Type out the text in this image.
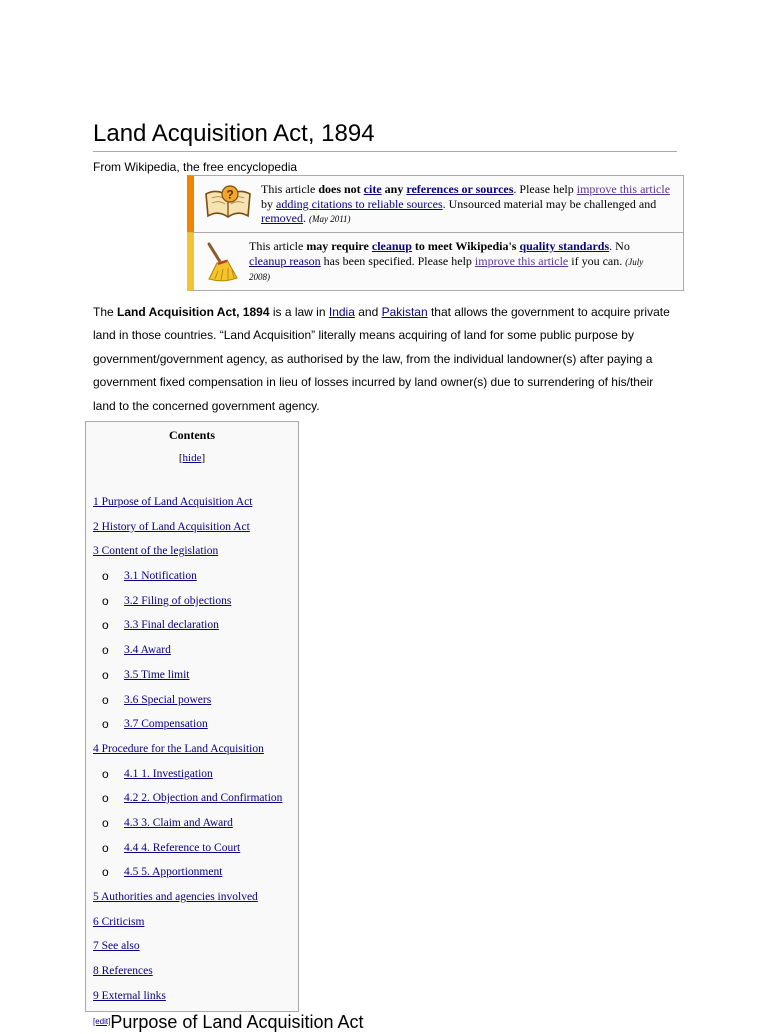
Land Acquisition Act, 1894
From Wikipedia, the free encyclopedia
? This article does not cite any references or sources. Please help improve this article by adding citations to reliable sources. Unsourced material may be challenged and removed. (May 2011)
This article may require cleanup to meet Wikipedia's quality standards. No cleanup reason has been specified. Please help improve this article if you can. (July 2008)
The Land Acquisition Act, 1894 is a law in India and Pakistan that allows the government to acquire private land in those countries. “Land Acquisition” literally means acquiring of land for some public purpose by government/government agency, as authorised by the law, from the individual landowner(s) after paying a government fixed compensation in lieu of losses incurred by land owner(s) due to surrendering of his/their land to the concerned government agency.
Contents
[hide]
1 Purpose of Land Acquisition Act
2 History of Land Acquisition Act
3 Content of the legislation
o 3.1 Notification
o 3.2 Filing of objections
o 3.3 Final declaration
o 3.4 Award
o 3.5 Time limit
o 3.6 Special powers
o 3.7 Compensation
4 Procedure for the Land Acquisition
o 4.1 1. Investigation
o 4.2 2. Objection and Confirmation
o 4.3 3. Claim and Award
o 4.4 4. Reference to Court
o 4.5 5. Apportionment
5 Authorities and agencies involved
6 Criticism
7 See also
8 References
9 External links
[edit]Purpose of Land Acquisition Act
